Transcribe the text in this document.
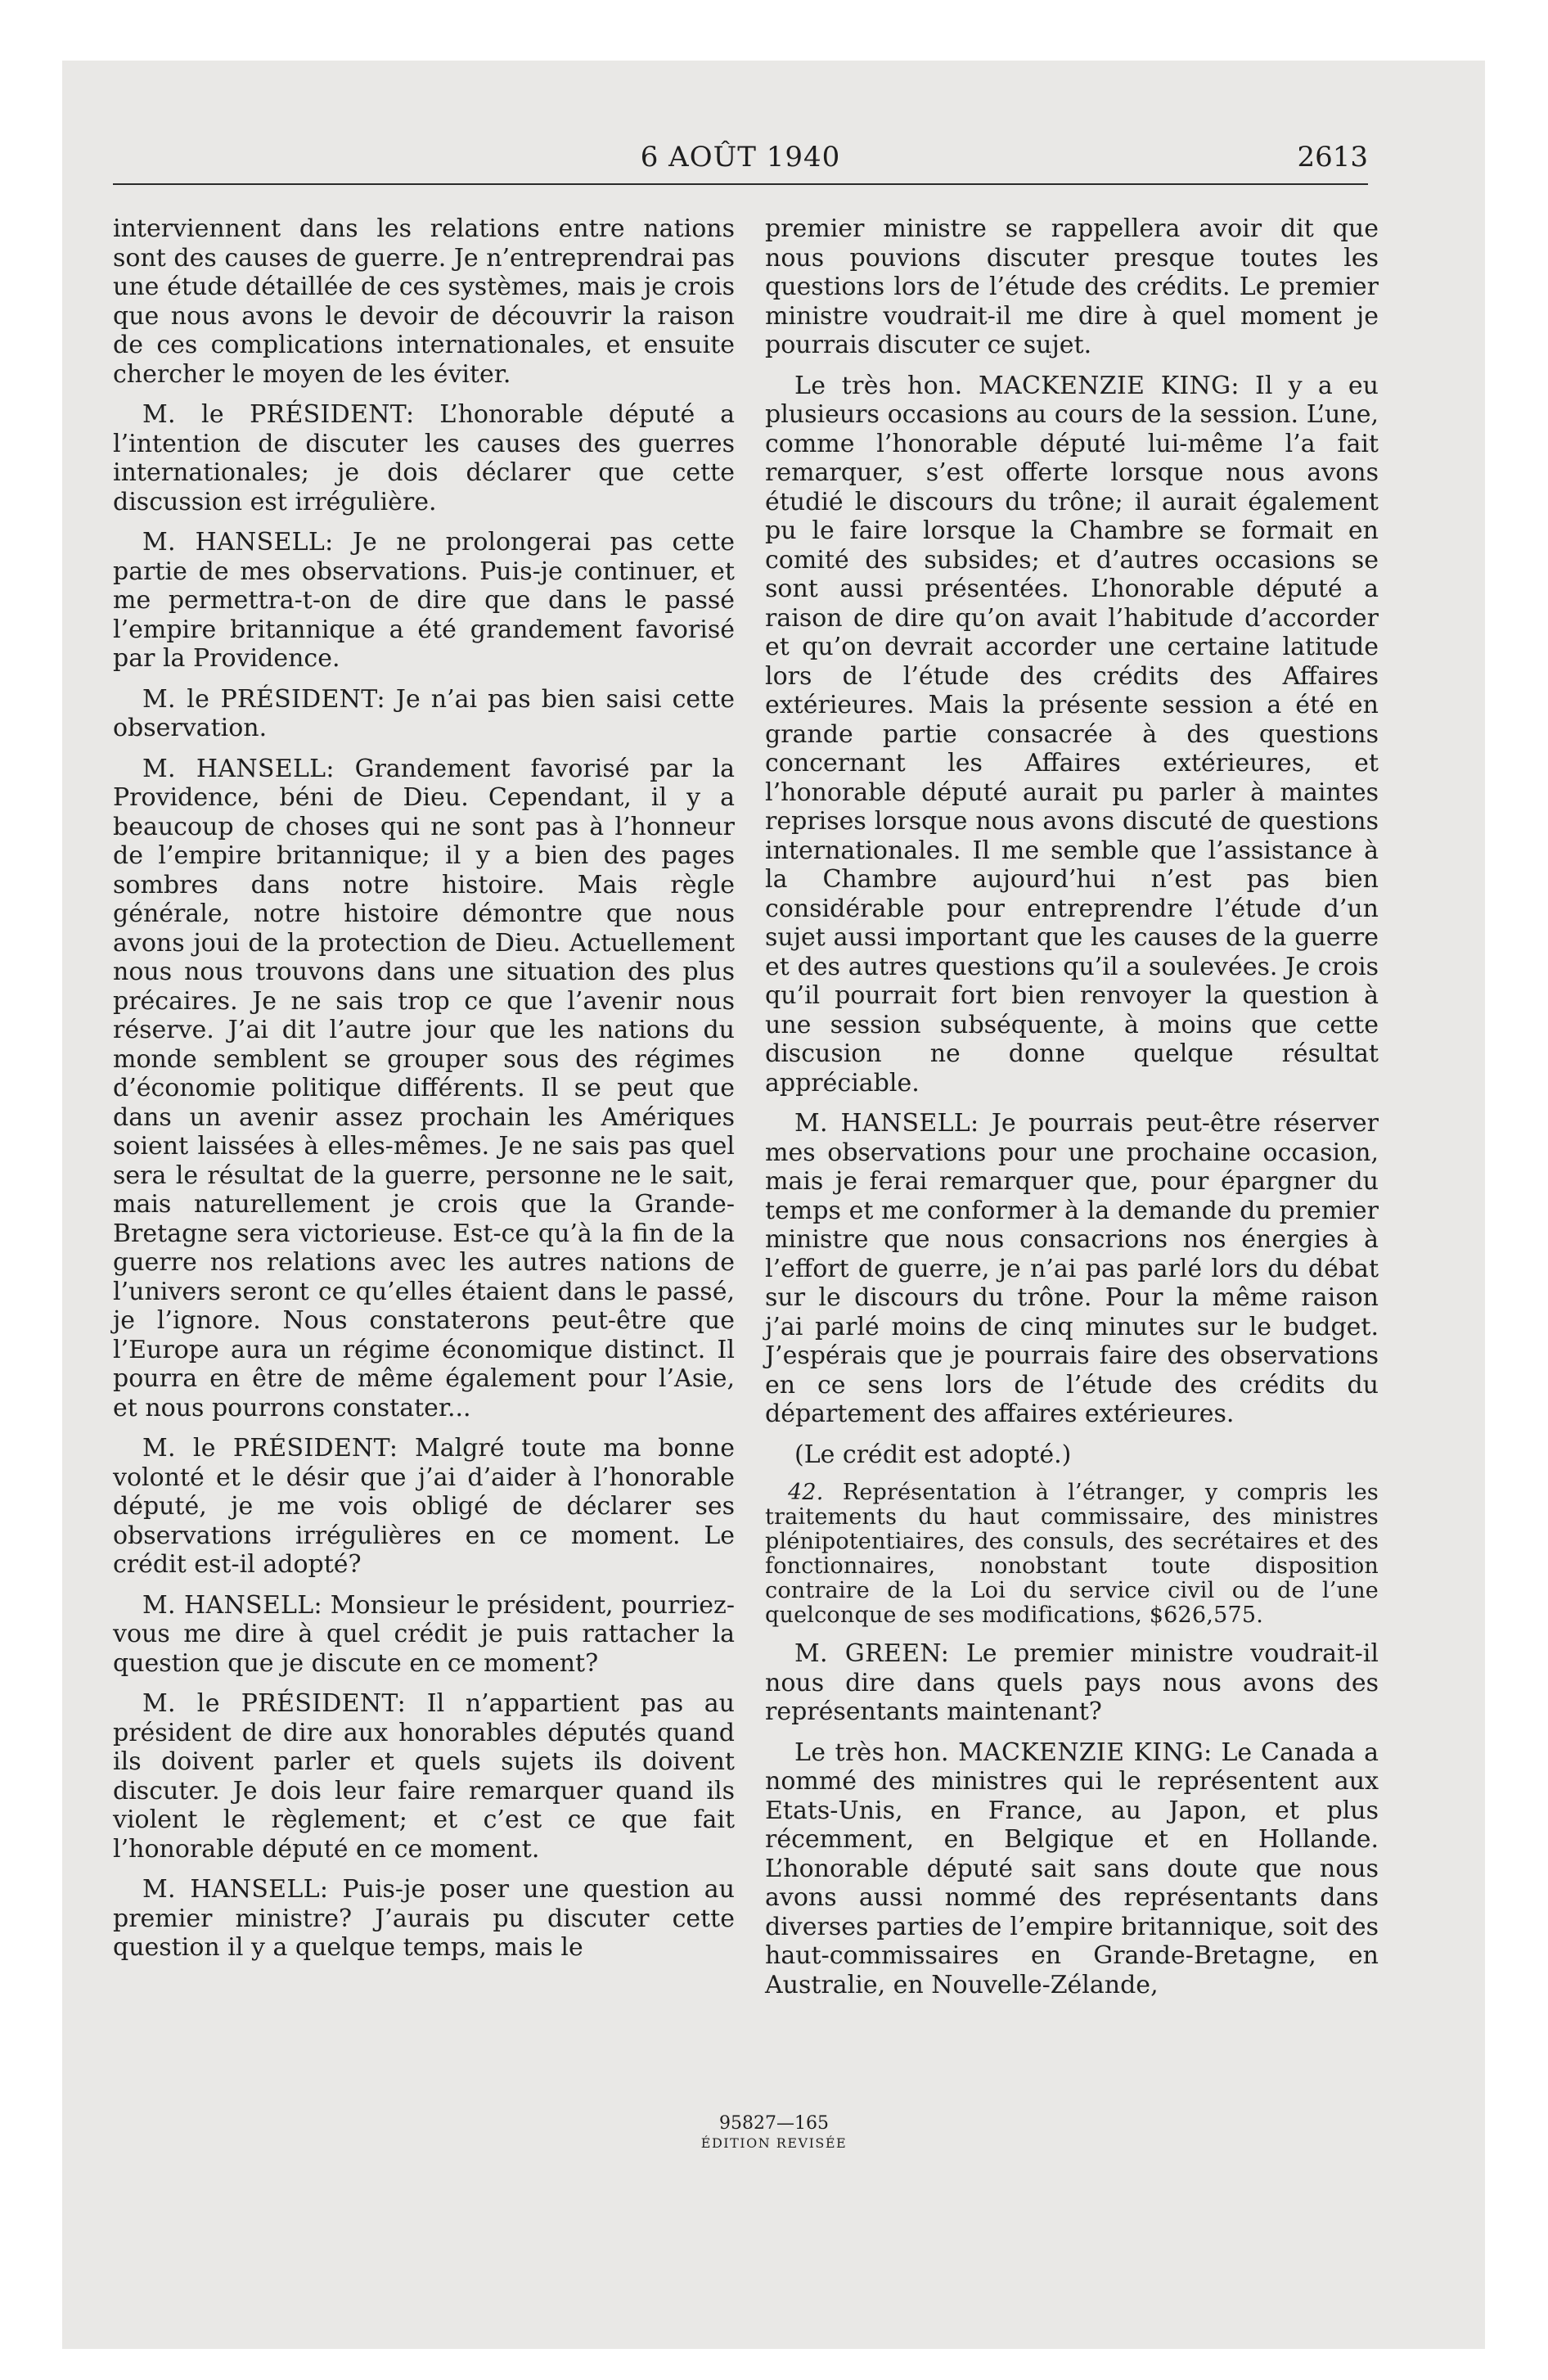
6 AOÛT 1940	2613

interviennent dans les relations entre nations sont des causes de guerre. Je n’entreprendrai pas une étude détaillée de ces systèmes, mais je crois que nous avons le devoir de découvrir la raison de ces complications internationales, et ensuite chercher le moyen de les éviter.

M. le PRÉSIDENT: L’honorable député a l’intention de discuter les causes des guerres internationales; je dois déclarer que cette discussion est irrégulière.

M. HANSELL: Je ne prolongerai pas cette partie de mes observations. Puis-je continuer, et me permettra-t-on de dire que dans le passé l’empire britannique a été grandement favorisé par la Providence.

M. le PRÉSIDENT: Je n’ai pas bien saisi cette observation.

M. HANSELL: Grandement favorisé par la Providence, béni de Dieu. Cependant, il y a beaucoup de choses qui ne sont pas à l’honneur de l’empire britannique; il y a bien des pages sombres dans notre histoire. Mais règle générale, notre histoire démontre que nous avons joui de la protection de Dieu. Actuellement nous nous trouvons dans une situation des plus précaires. Je ne sais trop ce que l’avenir nous réserve. J’ai dit l’autre jour que les nations du monde semblent se grouper sous des régimes d’économie politique différents. Il se peut que dans un avenir assez prochain les Amériques soient laissées à elles-mêmes. Je ne sais pas quel sera le résultat de la guerre, personne ne le sait, mais naturellement je crois que la Grande-Bretagne sera victorieuse. Est-ce qu’à la fin de la guerre nos relations avec les autres nations de l’univers seront ce qu’elles étaient dans le passé, je l’ignore. Nous constaterons peut-être que l’Europe aura un régime économique distinct. Il pourra en être de même également pour l’Asie, et nous pourrons constater...

M. le PRÉSIDENT: Malgré toute ma bonne volonté et le désir que j’ai d’aider à l’honorable député, je me vois obligé de déclarer ses observations irrégulières en ce moment. Le crédit est-il adopté?

M. HANSELL: Monsieur le président, pourriez-vous me dire à quel crédit je puis rattacher la question que je discute en ce moment?

M. le PRÉSIDENT: Il n’appartient pas au président de dire aux honorables députés quand ils doivent parler et quels sujets ils doivent discuter. Je dois leur faire remarquer quand ils violent le règlement; et c’est ce que fait l’honorable député en ce moment.

M. HANSELL: Puis-je poser une question au premier ministre? J’aurais pu discuter cette question il y a quelque temps, mais le

premier ministre se rappellera avoir dit que nous pouvions discuter presque toutes les questions lors de l’étude des crédits. Le premier ministre voudrait-il me dire à quel moment je pourrais discuter ce sujet.

Le très hon. MACKENZIE KING: Il y a eu plusieurs occasions au cours de la session. L’une, comme l’honorable député lui-même l’a fait remarquer, s’est offerte lorsque nous avons étudié le discours du trône; il aurait également pu le faire lorsque la Chambre se formait en comité des subsides; et d’autres occasions se sont aussi présentées. L’honorable député a raison de dire qu’on avait l’habitude d’accorder et qu’on devrait accorder une certaine latitude lors de l’étude des crédits des Affaires extérieures. Mais la présente session a été en grande partie consacrée à des questions concernant les Affaires extérieures, et l’honorable député aurait pu parler à maintes reprises lorsque nous avons discuté de questions internationales. Il me semble que l’assistance à la Chambre aujourd’hui n’est pas bien considérable pour entreprendre l’étude d’un sujet aussi important que les causes de la guerre et des autres questions qu’il a soulevées. Je crois qu’il pourrait fort bien renvoyer la question à une session subséquente, à moins que cette discusion ne donne quelque résultat appréciable.

M. HANSELL: Je pourrais peut-être réserver mes observations pour une prochaine occasion, mais je ferai remarquer que, pour épargner du temps et me conformer à la demande du premier ministre que nous consacrions nos énergies à l’effort de guerre, je n’ai pas parlé lors du débat sur le discours du trône. Pour la même raison j’ai parlé moins de cinq minutes sur le budget. J’espérais que je pourrais faire des observations en ce sens lors de l’étude des crédits du département des affaires extérieures.

(Le crédit est adopté.)

42. Représentation à l’étranger, y compris les traitements du haut commissaire, des ministres plénipotentiaires, des consuls, des secrétaires et des fonctionnaires, nonobstant toute disposition contraire de la Loi du service civil ou de l’une quelconque de ses modifications, $626,575.

M. GREEN: Le premier ministre voudrait-il nous dire dans quels pays nous avons des représentants maintenant?

Le très hon. MACKENZIE KING: Le Canada a nommé des ministres qui le représentent aux Etats-Unis, en France, au Japon, et plus récemment, en Belgique et en Hollande. L’honorable député sait sans doute que nous avons aussi nommé des représentants dans diverses parties de l’empire britannique, soit des haut-commissaires en Grande-Bretagne, en Australie, en Nouvelle-Zélande,

95827—165
ÉDITION REVISÉE
